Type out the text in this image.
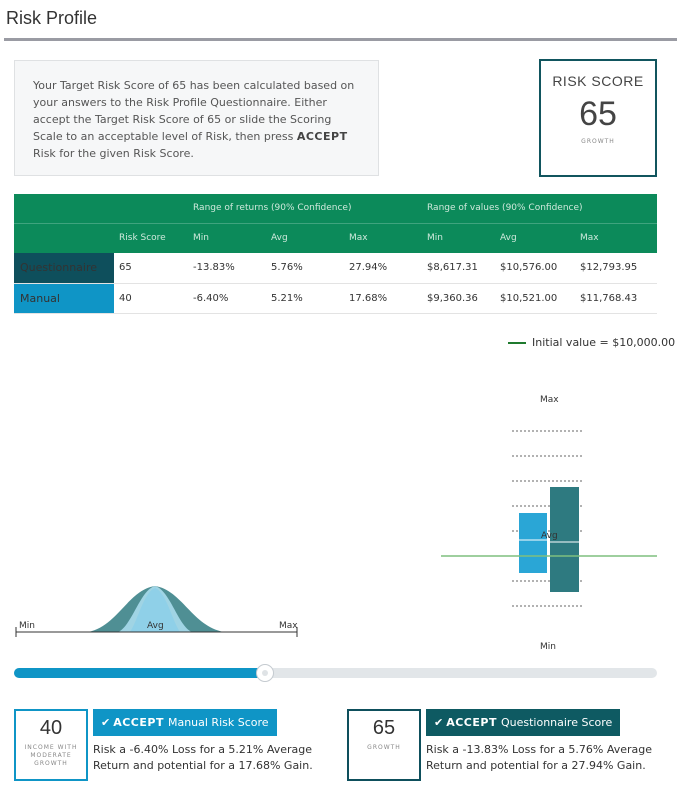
Risk Profile
Your Target Risk Score of 65 has been calculated based on your answers to the Risk Profile Questionnaire. Either accept the Target Risk Score of 65 or slide the Scoring Scale to an acceptable level of Risk, then press ACCEPT Risk for the given Risk Score.
RISK SCORE
65
GROWTH
		Range of returns (90% Confidence)			Range of values (90% Confidence)		
	Risk Score	Min	Avg	Max	Min	Avg	Max
Questionnaire	65	-13.83%	5.76%	27.94%	$8,617.31	$10,576.00	$12,793.95
Manual	40	-6.40%	5.21%	17.68%	$9,360.36	$10,521.00	$11,768.43
Initial value = $10,000.00
Min	Avg	Max
Max
Avg
Min
40
INCOME WITH MODERATE GROWTH
✔ ACCEPT Manual Risk Score
Risk a -6.40% Loss for a 5.21% Average Return and potential for a 17.68% Gain.
65
GROWTH
✔ ACCEPT Questionnaire Score
Risk a -13.83% Loss for a 5.76% Average Return and potential for a 27.94% Gain.
